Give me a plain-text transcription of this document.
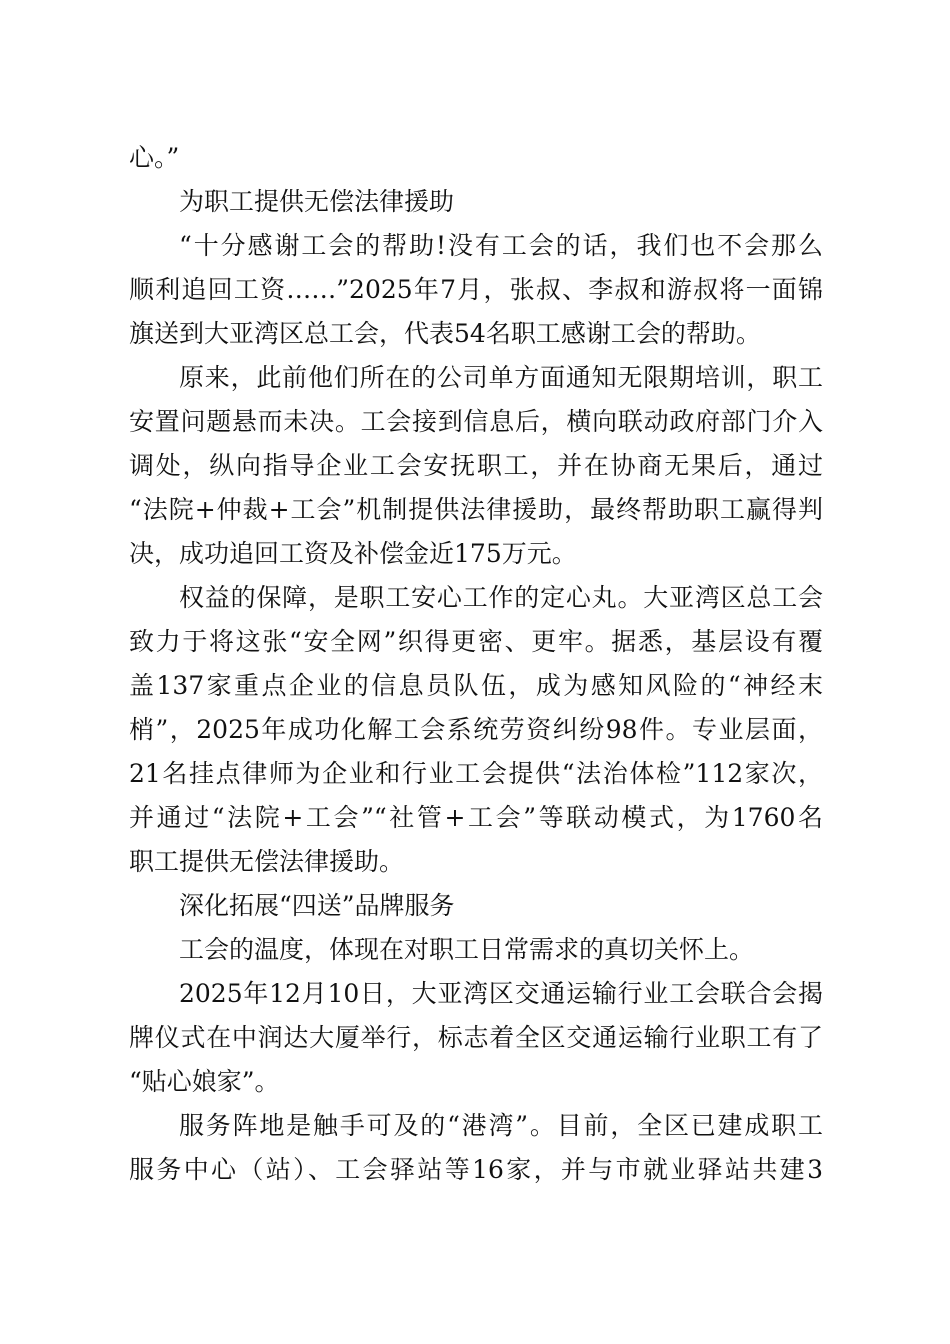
心。”
为职工提供无偿法律援助
“十分感谢工会的帮助!没有工会的话，我们也不会那么
顺利追回工资……”2025年7月，张叔、李叔和游叔将一面锦
旗送到大亚湾区总工会，代表54名职工感谢工会的帮助。
原来，此前他们所在的公司单方面通知无限期培训，职工
安置问题悬而未决。工会接到信息后，横向联动政府部门介入
调处，纵向指导企业工会安抚职工，并在协商无果后，通过
“法院+仲裁+工会”机制提供法律援助，最终帮助职工赢得判
决，成功追回工资及补偿金近175万元。
权益的保障，是职工安心工作的定心丸。大亚湾区总工会
致力于将这张“安全网”织得更密、更牢。据悉，基层设有覆
盖137家重点企业的信息员队伍，成为感知风险的“神经末
梢”，2025年成功化解工会系统劳资纠纷98件。专业层面，
21名挂点律师为企业和行业工会提供“法治体检”112家次，
并通过“法院+工会”“社管+工会”等联动模式，为1760名
职工提供无偿法律援助。
深化拓展“四送”品牌服务
工会的温度，体现在对职工日常需求的真切关怀上。
2025年12月10日，大亚湾区交通运输行业工会联合会揭
牌仪式在中润达大厦举行，标志着全区交通运输行业职工有了
“贴心娘家”。
服务阵地是触手可及的“港湾”。目前，全区已建成职工
服务中心（站）、工会驿站等16家，并与市就业驿站共建3
